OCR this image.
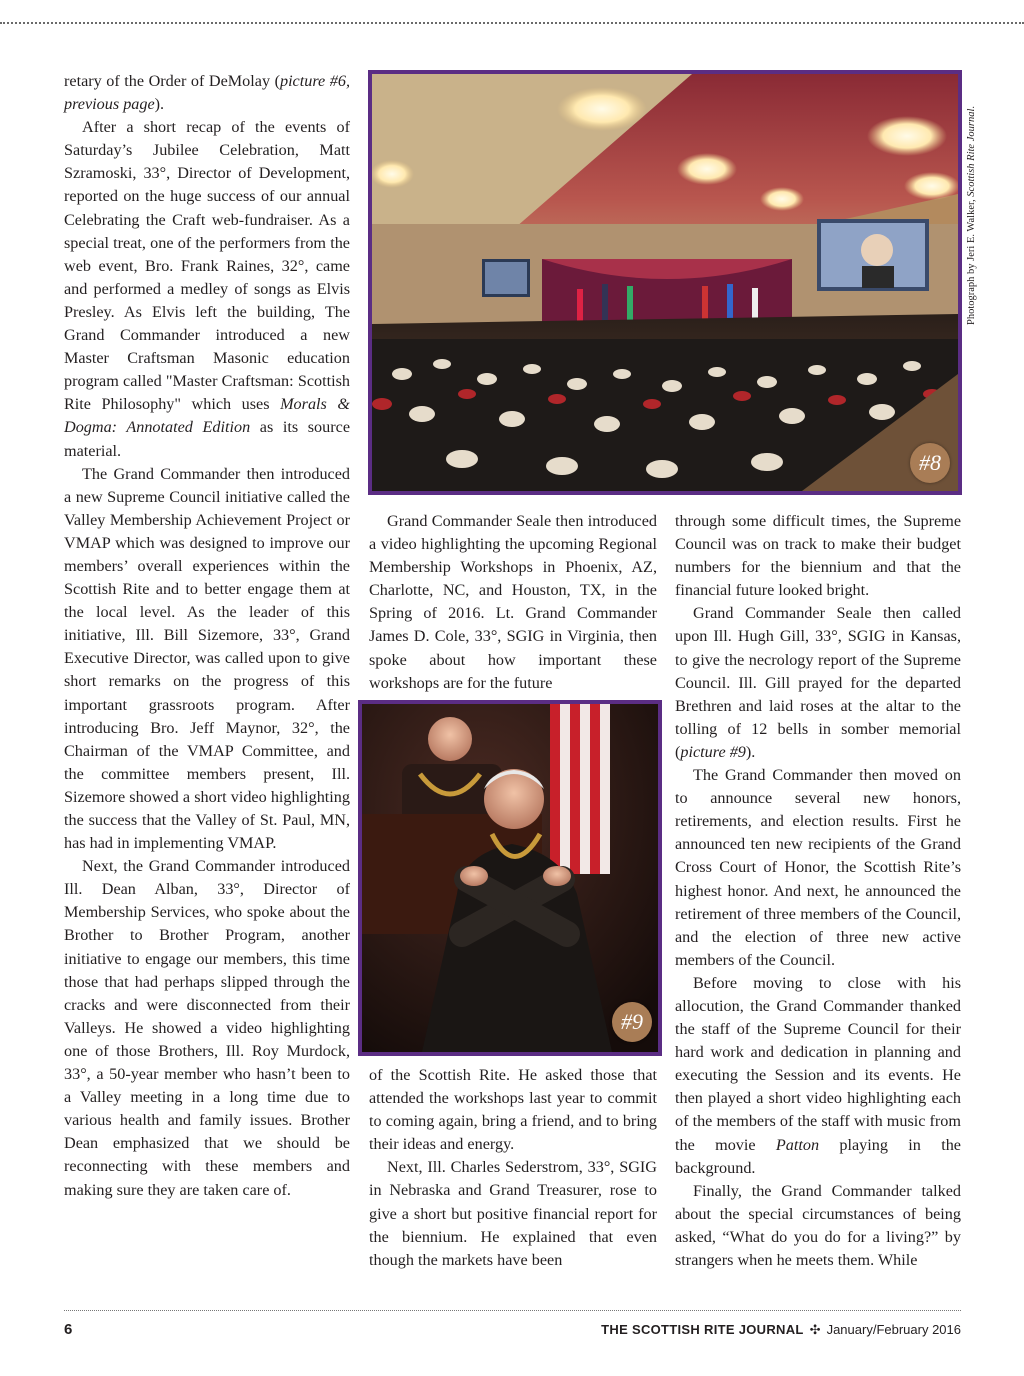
retary of the Order of DeMolay (picture #6, previous page).

After a short recap of the events of Saturday’s Jubilee Celebration, Matt Szramoski, 33°, Director of Development, reported on the huge success of our annual Celebrating the Craft web-fundraiser. As a special treat, one of the performers from the web event, Bro. Frank Raines, 32°, came and performed a medley of songs as Elvis Presley. As Elvis left the building, The Grand Commander introduced a new Master Craftsman Masonic education program called "Master Craftsman: Scottish Rite Philosophy" which uses Morals & Dogma: Annotated Edition as its source material.

The Grand Commander then introduced a new Supreme Council initiative called the Valley Membership Achievement Project or VMAP which was designed to improve our members’ overall experiences within the Scottish Rite and to better engage them at the local level. As the leader of this initiative, Ill. Bill Sizemore, 33°, Grand Executive Director, was called upon to give short remarks on the progress of this important grassroots program. After introducing Bro. Jeff Maynor, 32°, the Chairman of the VMAP Committee, and the committee members present, Ill. Sizemore showed a short video highlighting the success that the Valley of St. Paul, MN, has had in implementing VMAP.

Next, the Grand Commander introduced Ill. Dean Alban, 33°, Director of Membership Services, who spoke about the Brother to Brother Program, another initiative to engage our members, this time those that had perhaps slipped through the cracks and were disconnected from their Valleys. He showed a video highlighting one of those Brothers, Ill. Roy Murdock, 33°, a 50-year member who hasn’t been to a Valley meeting in a long time due to various health and family issues. Brother Dean emphasized that we should be reconnecting with these members and making sure they are taken care of.

#8
Photograph by Jeri E. Walker, Scottish Rite Journal.

Grand Commander Seale then introduced a video highlighting the upcoming Regional Membership Workshops in Phoenix, AZ, Charlotte, NC, and Houston, TX, in the Spring of 2016. Lt. Grand Commander James D. Cole, 33°, SGIG in Virginia, then spoke about how important these workshops are for the future

#9

of the Scottish Rite. He asked those that attended the workshops last year to commit to coming again, bring a friend, and to bring their ideas and energy.

Next, Ill. Charles Sederstrom, 33°, SGIG in Nebraska and Grand Treasurer, rose to give a short but positive financial report for the biennium. He explained that even though the markets have been

through some difficult times, the Supreme Council was on track to make their budget numbers for the biennium and that the financial future looked bright.

Grand Commander Seale then called upon Ill. Hugh Gill, 33°, SGIG in Kansas, to give the necrology report of the Supreme Council. Ill. Gill prayed for the departed Brethren and laid roses at the altar to the tolling of 12 bells in somber memorial (picture #9).

The Grand Commander then moved on to announce several new honors, retirements, and election results. First he announced ten new recipients of the Grand Cross Court of Honor, the Scottish Rite’s highest honor. And next, he announced the retirement of three members of the Council, and the election of three new active members of the Council.

Before moving to close with his allocution, the Grand Commander thanked the staff of the Supreme Council for their hard work and dedication in planning and executing the Session and its events. He then played a short video highlighting each of the members of the staff with music from the movie Patton playing in the background.

Finally, the Grand Commander talked about the special circumstances of being asked, “What do you do for a living?” by strangers when he meets them. While

6	THE SCOTTISH RITE JOURNAL ✣ January/February 2016
